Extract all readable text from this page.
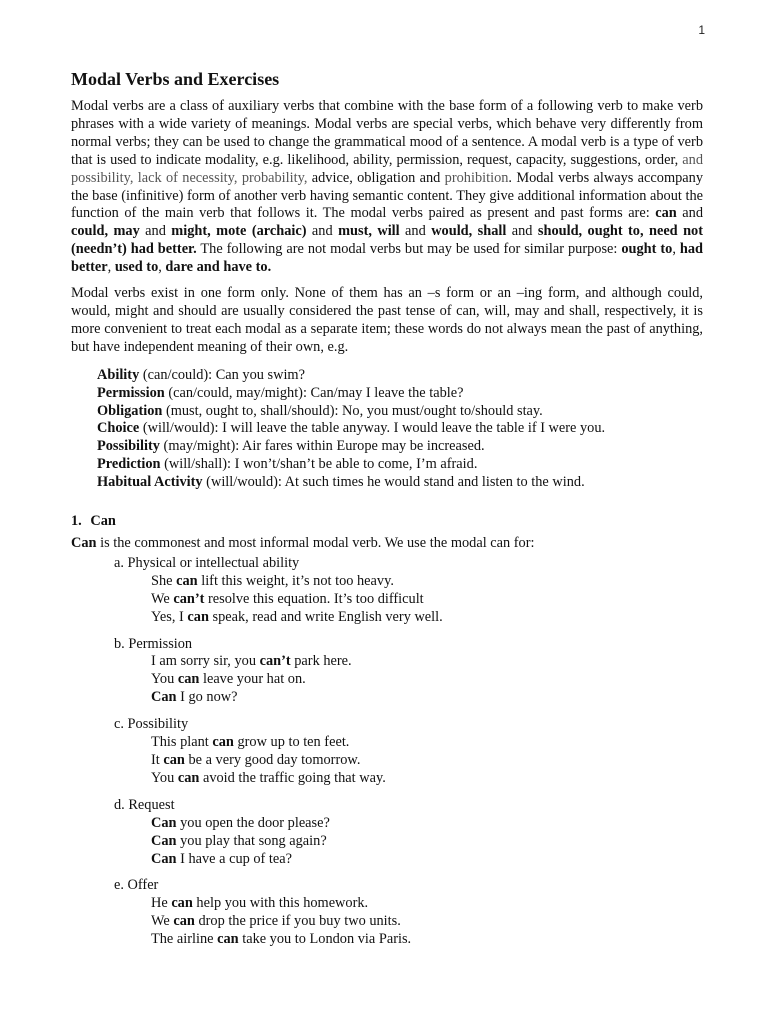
1
Modal Verbs and Exercises

Modal verbs are a class of auxiliary verbs that combine with the base form of a following verb to make verb phrases with a wide variety of meanings. Modal verbs are special verbs, which behave very differently from normal verbs; they can be used to change the grammatical mood of a sentence. A modal verb is a type of verb that is used to indicate modality, e.g. likelihood, ability, permission, request, capacity, suggestions, order, and possibility, lack of necessity, probability, advice, obligation and prohibition. Modal verbs always accompany the base (infinitive) form of another verb having semantic content. They give additional information about the function of the main verb that follows it. The modal verbs paired as present and past forms are: can and could, may and might, mote (archaic) and must, will and would, shall and should, ought to, need not (needn’t) had better. The following are not modal verbs but may be used for similar purpose: ought to, had better, used to, dare and have to.

Modal verbs exist in one form only. None of them has an –s form or an –ing form, and although could, would, might and should are usually considered the past tense of can, will, may and shall, respectively, it is more convenient to treat each modal as a separate item; these words do not always mean the past of anything, but have independent meaning of their own, e.g.

Ability (can/could): Can you swim?
Permission (can/could, may/might): Can/may I leave the table?
Obligation (must, ought to, shall/should): No, you must/ought to/should stay.
Choice (will/would): I will leave the table anyway. I would leave the table if I were you.
Possibility (may/might): Air fares within Europe may be increased.
Prediction (will/shall): I won’t/shan’t be able to come, I’m afraid.
Habitual Activity (will/would): At such times he would stand and listen to the wind.
1. Can

Can is the commonest and most informal modal verb. We use the modal can for:

a. Physical or intellectual ability
She can lift this weight, it’s not too heavy.
We can’t resolve this equation. It’s too difficult
Yes, I can speak, read and write English very well.
b. Permission
I am sorry sir, you can’t park here.
You can leave your hat on.
Can I go now?
c. Possibility
This plant can grow up to ten feet.
It can be a very good day tomorrow.
You can avoid the traffic going that way.
d. Request
Can you open the door please?
Can you play that song again?
Can I have a cup of tea?
e. Offer
He can help you with this homework.
We can drop the price if you buy two units.
The airline can take you to London via Paris.
